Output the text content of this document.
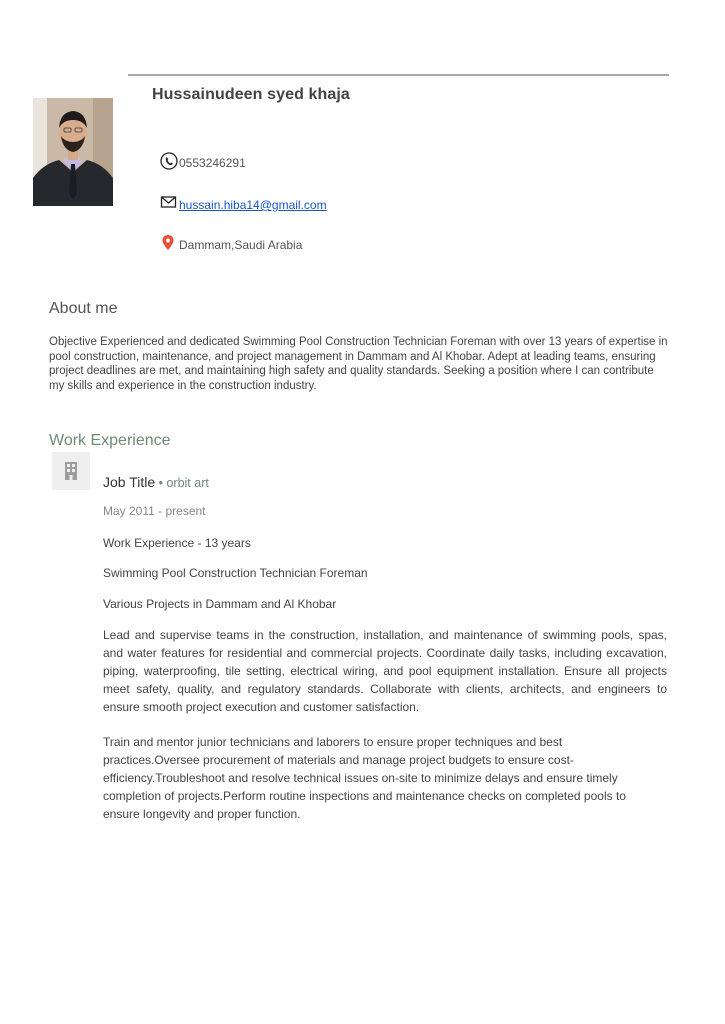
Hussainudeen syed khaja
0553246291
hussain.hiba14@gmail.com
Dammam,Saudi Arabia
About me
Objective Experienced and dedicated Swimming Pool Construction Technician Foreman with over 13 years of expertise in pool construction, maintenance, and project management in Dammam and Al Khobar. Adept at leading teams, ensuring project deadlines are met, and maintaining high safety and quality standards. Seeking a position where I can contribute my skills and experience in the construction industry.
Work Experience
Job Title • orbit art
May 2011 - present
Work Experience - 13 years
Swimming Pool Construction Technician Foreman
Various Projects in Dammam and Al Khobar
Lead and supervise teams in the construction, installation, and maintenance of swimming pools, spas, and water features for residential and commercial projects. Coordinate daily tasks, including excavation, piping, waterproofing, tile setting, electrical wiring, and pool equipment installation. Ensure all projects meet safety, quality, and regulatory standards. Collaborate with clients, architects, and engineers to ensure smooth project execution and customer satisfaction.
Train and mentor junior technicians and laborers to ensure proper techniques and best practices.Oversee procurement of materials and manage project budgets to ensure cost-efficiency.Troubleshoot and resolve technical issues on-site to minimize delays and ensure timely completion of projects.Perform routine inspections and maintenance checks on completed pools to ensure longevity and proper function.
